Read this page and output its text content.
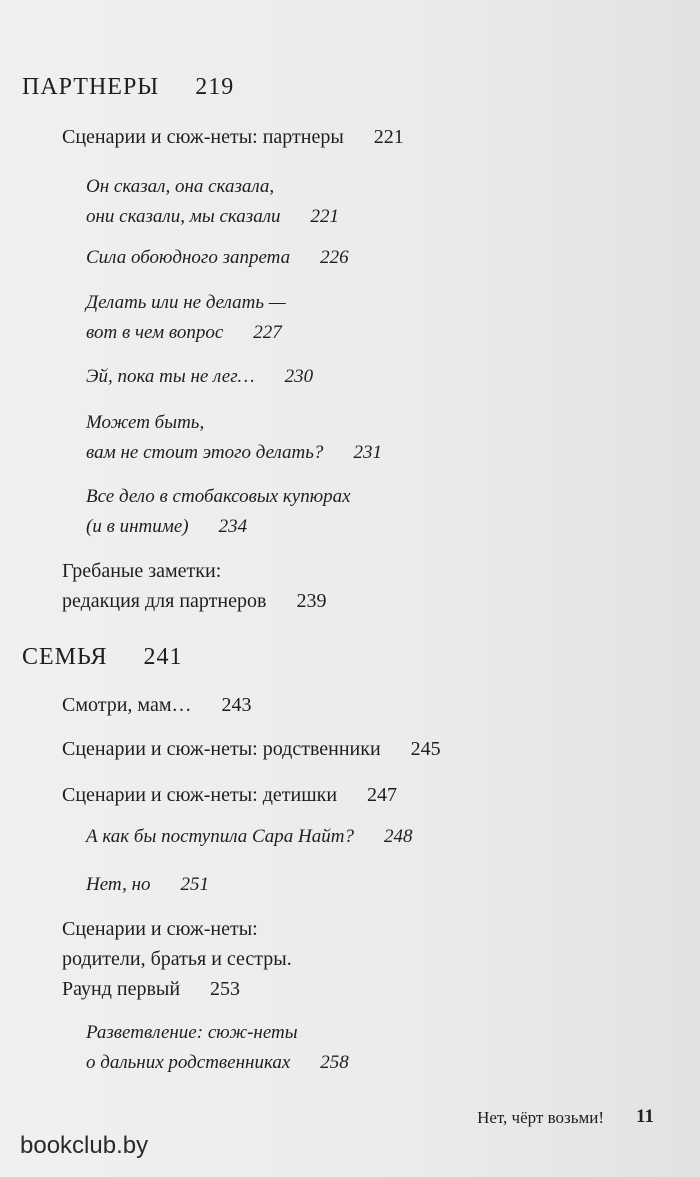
ПАРТНЕРЫ 219
Сценарии и сюж-неты: партнеры 221
Он сказал, она сказала,
они сказали, мы сказали 221
Сила обоюдного запрета 226
Делать или не делать —
вот в чем вопрос 227
Эй, пока ты не лег… 230
Может быть,
вам не стоит этого делать? 231
Все дело в стобаксовых купюрах
(и в интиме) 234
Гребаные заметки:
редакция для партнеров 239
СЕМЬЯ 241
Смотри, мам… 243
Сценарии и сюж-неты: родственники 245
Сценарии и сюж-неты: детишки 247
А как бы поступила Сара Найт? 248
Нет, но 251
Сценарии и сюж-неты:
родители, братья и сестры.
Раунд первый 253
Разветвление: сюж-неты
о дальних родственниках 258
Нет, чёрт возьми! 11
bookclub.by
